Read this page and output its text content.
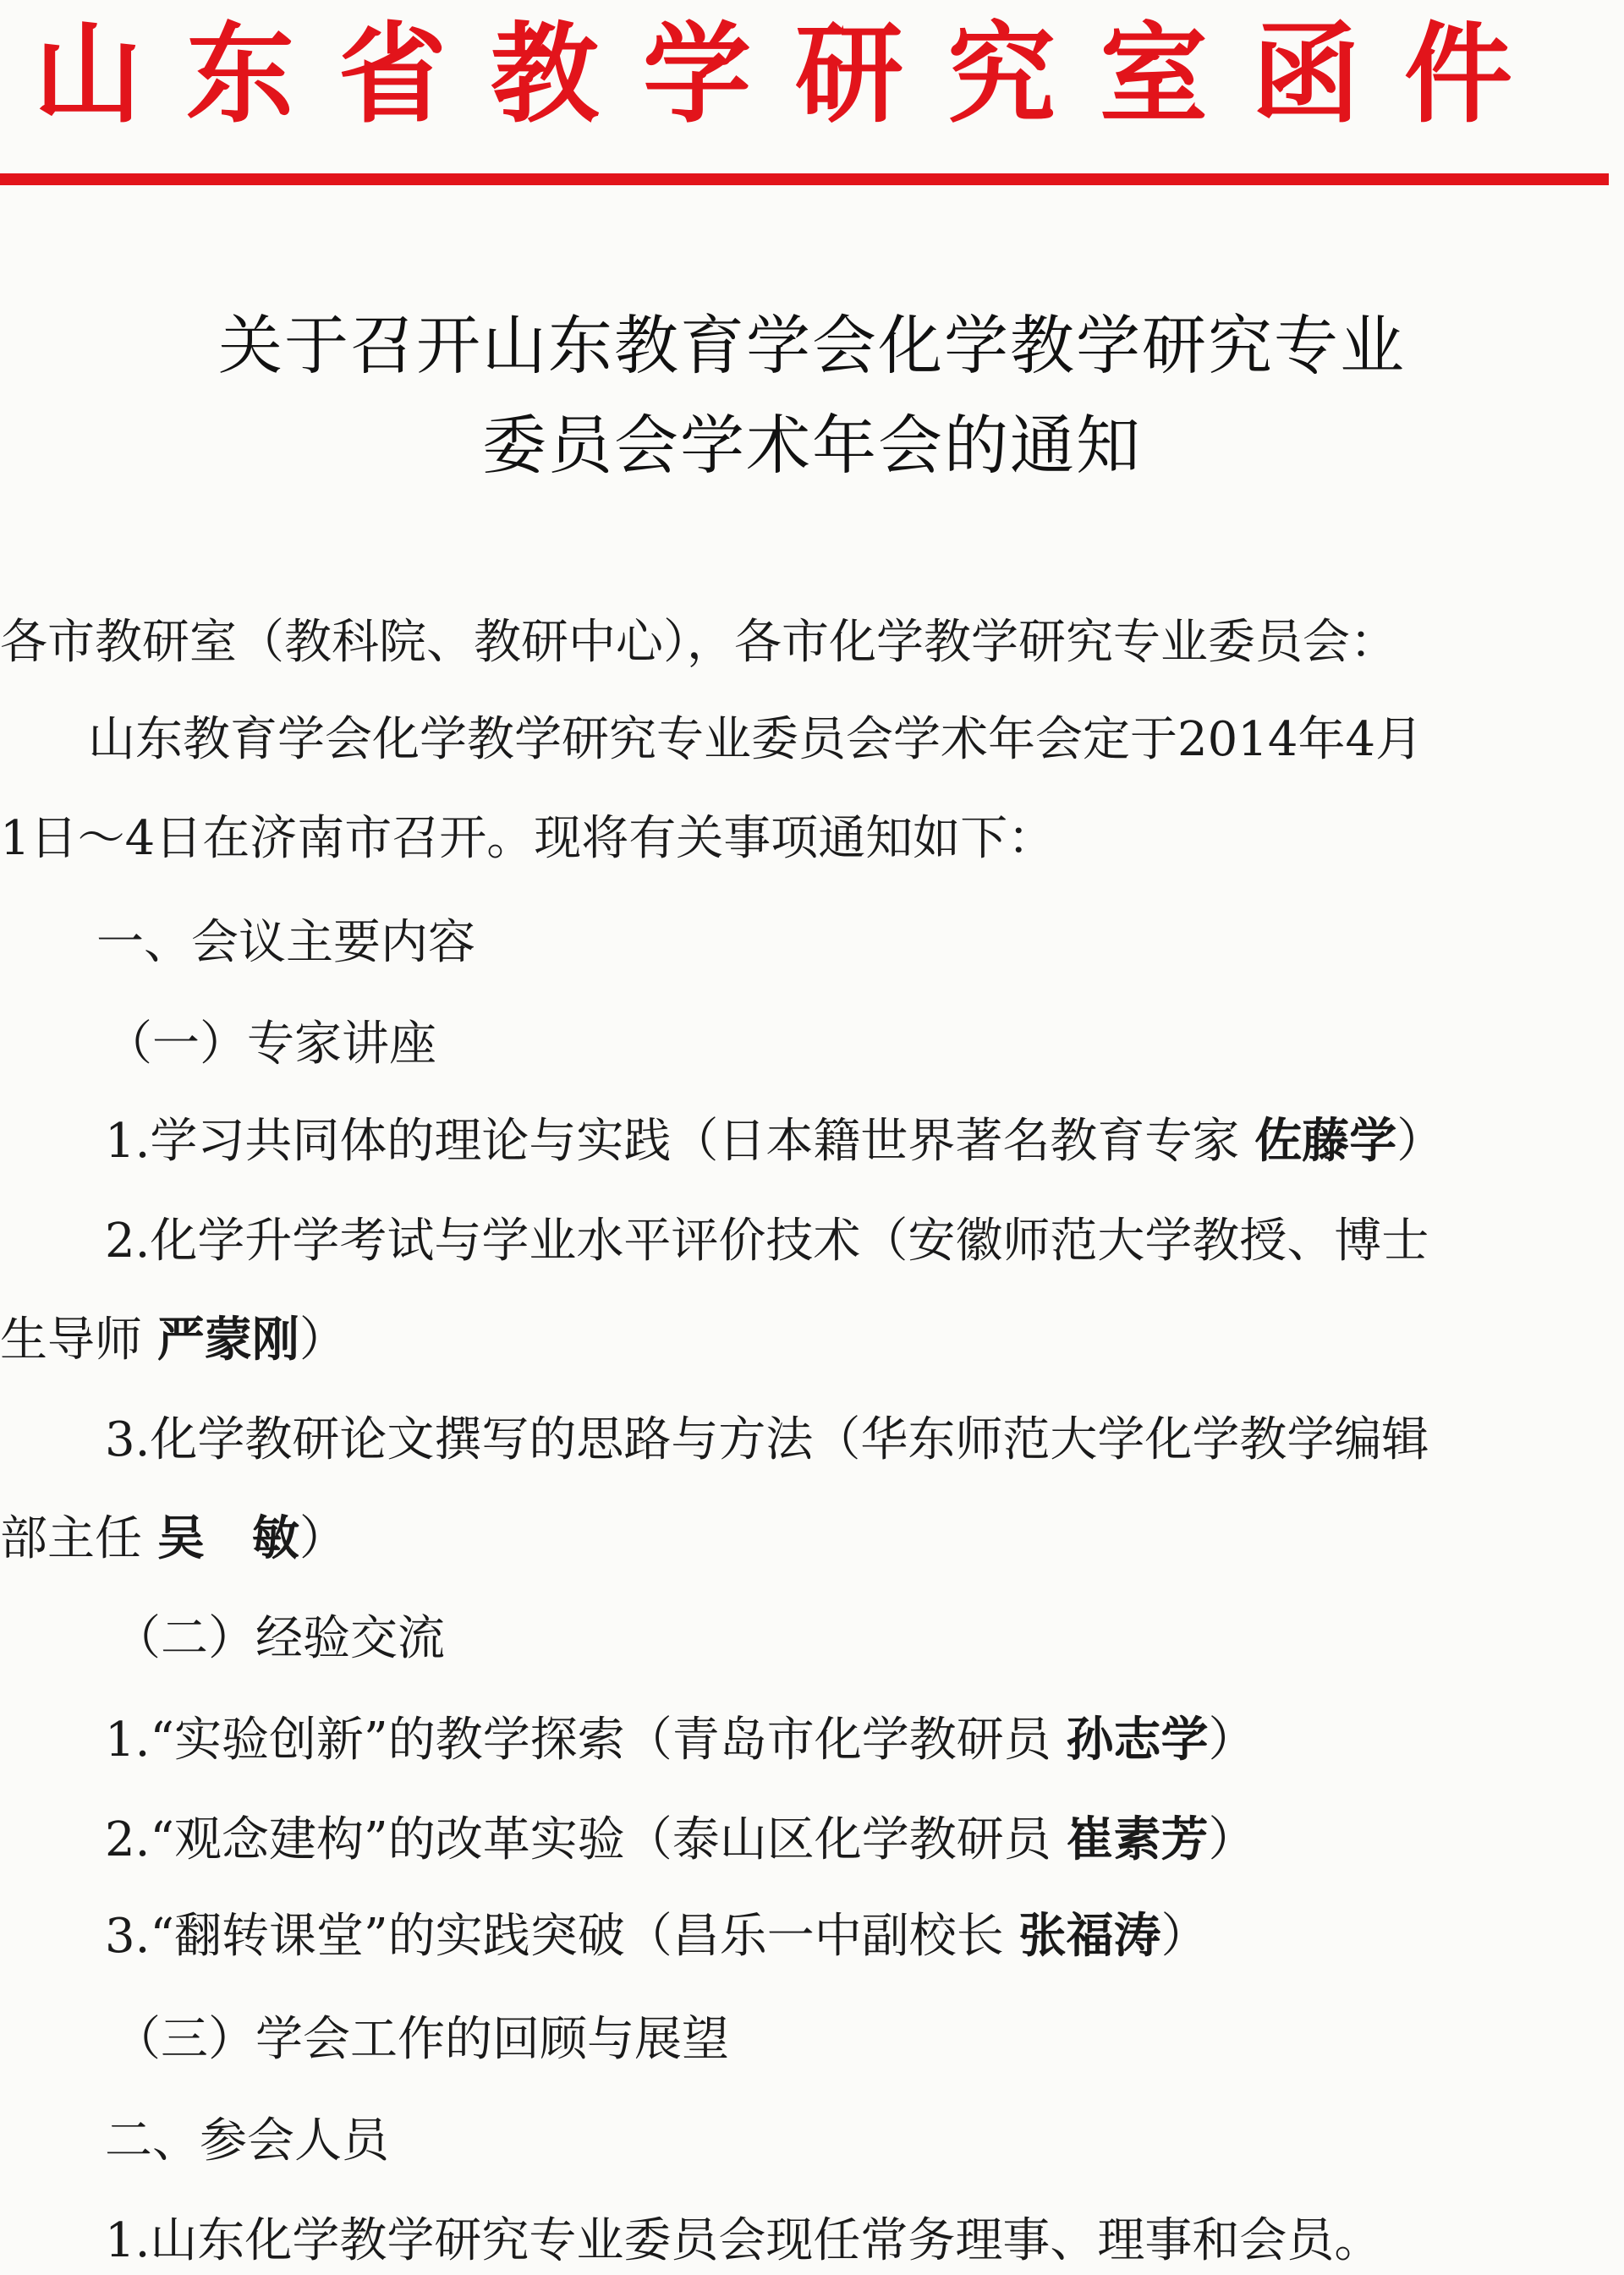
山东省教学研究室函件
关于召开山东教育学会化学教学研究专业
委员会学术年会的通知
各市教研室（教科院、教研中心），各市化学教学研究专业委员会：
山东教育学会化学教学研究专业委员会学术年会定于2014年4月
1日～4日在济南市召开。现将有关事项通知如下：
一、会议主要内容
（一）专家讲座
1.学习共同体的理论与实践（日本籍世界著名教育专家 佐藤学）
2.化学升学考试与学业水平评价技术（安徽师范大学教授、博士
生导师 严蒙刚）
3.化学教研论文撰写的思路与方法（华东师范大学化学教学编辑
部主任 吴　敏）
（二）经验交流
1.“实验创新”的教学探索（青岛市化学教研员 孙志学）
2.“观念建构”的改革实验（泰山区化学教研员 崔素芳）
3.“翻转课堂”的实践突破（昌乐一中副校长 张福涛）
（三）学会工作的回顾与展望
二、参会人员
1.山东化学教学研究专业委员会现任常务理事、理事和会员。
